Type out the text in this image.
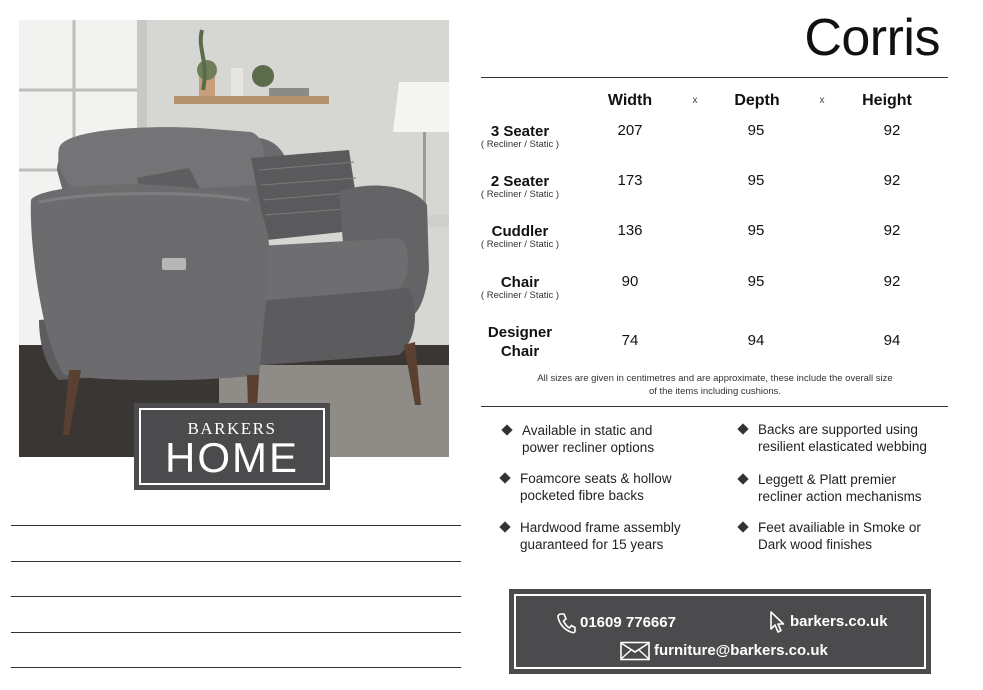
BARKERS
HOME
Corris
Width	x	Depth	x	Height
3 Seater
( Recliner / Static )
207	95	92
2 Seater
( Recliner / Static )
173	95	92
Cuddler
( Recliner / Static )
136	95	92
Chair
( Recliner / Static )
90	95	92
Designer
Chair
74	94	94
All sizes are given in centimetres and are approximate, these include the overall size
of the items including cushions.
Available in static and
power recliner options
Backs are supported using
resilient elasticated webbing
Foamcore seats & hollow
pocketed fibre backs
Leggett & Platt premier
recliner action mechanisms
Hardwood frame assembly
guaranteed for 15 years
Feet availiable in Smoke or
Dark wood finishes
01609 776667	barkers.co.uk
furniture@barkers.co.uk
